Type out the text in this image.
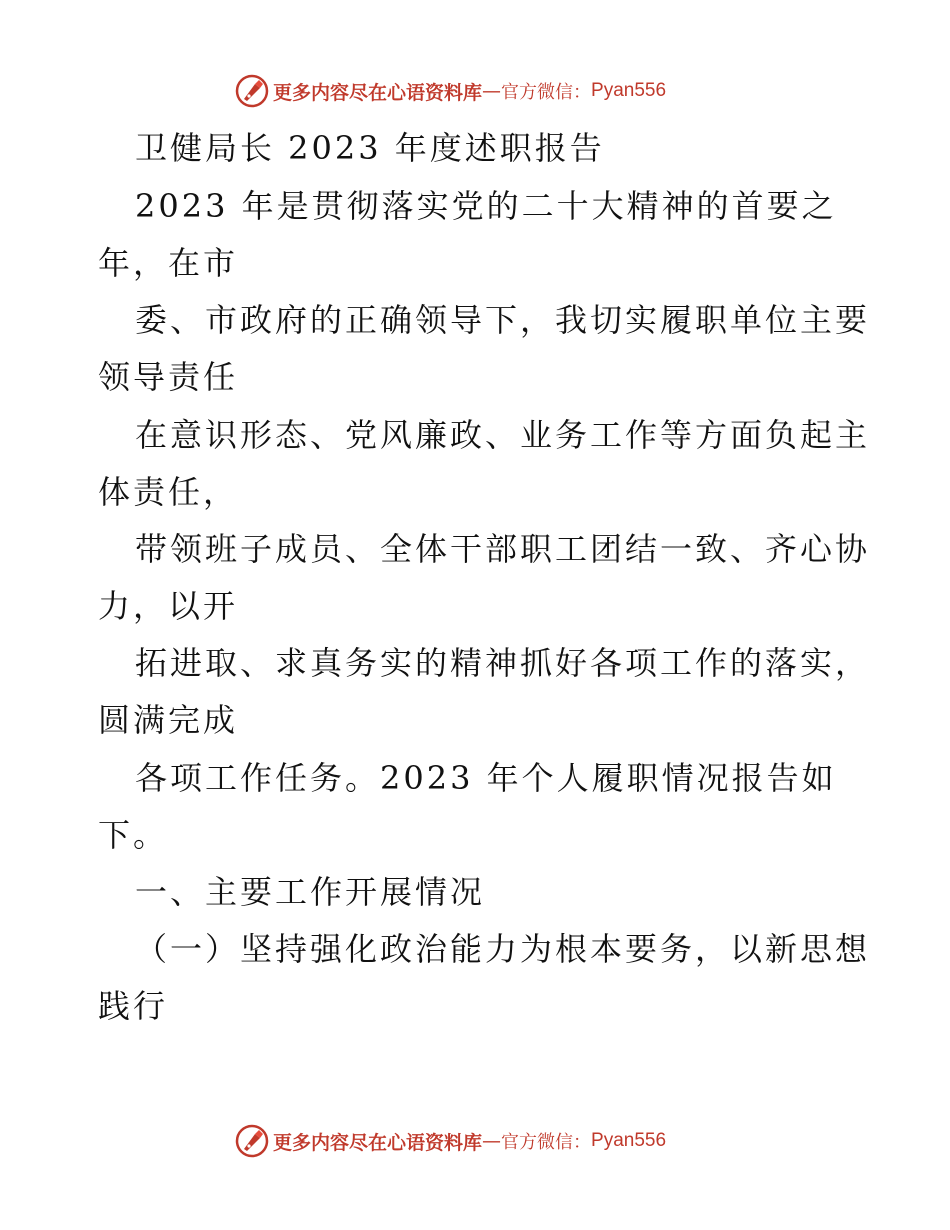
更多内容尽在心语资料库 — 官方微信： Pyan556
卫健局长 2023 年度述职报告
2023 年是贯彻落实党的二十大精神的首要之
年，在市
委、市政府的正确领导下，我切实履职单位主要
领导责任
在意识形态、党风廉政、业务工作等方面负起主
体责任，
带领班子成员、全体干部职工团结一致、齐心协
力，以开
拓进取、求真务实的精神抓好各项工作的落实，
圆满完成
各项工作任务。2023 年个人履职情况报告如
下。
一、主要工作开展情况
（一）坚持强化政治能力为根本要务，以新思想
践行
更多内容尽在心语资料库 — 官方微信： Pyan556
